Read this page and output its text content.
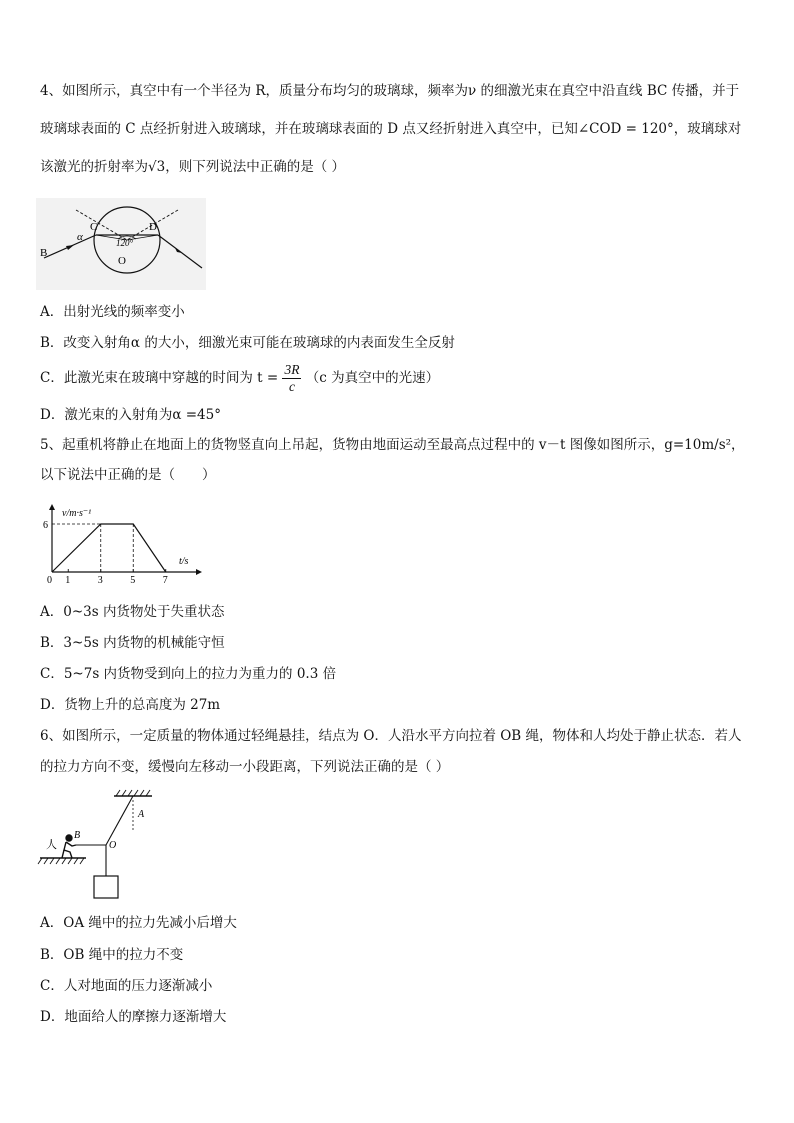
4、如图所示，真空中有一个半径为 R，质量分布均匀的玻璃球，频率为ν 的细激光束在真空中沿直线 BC 传播，并于
玻璃球表面的 C 点经折射进入玻璃球，并在玻璃球表面的 D 点又经折射进入真空中，已知∠COD = 120°，玻璃球对
该激光的折射率为√3，则下列说法中正确的是（ ）
B
C	D
O
α	120°
A．出射光线的频率变小
B．改变入射角α 的大小，细激光束可能在玻璃球的内表面发生全反射
C．此激光束在玻璃中穿越的时间为 $t = \frac{3R}{c} (c$ 为真空中的光速）
D．激光束的入射角为α =45°
5、起重机将静止在地面上的货物竖直向上吊起，货物由地面运动至最高点过程中的 v－t 图像如图所示，g=10m/s²，
以下说法中正确的是（　　）
0 1	3	5	7
6
v/m·s⁻¹
t/s
A．0~3s 内货物处于失重状态
B．3~5s 内货物的机械能守恒
C．5~7s 内货物受到向上的拉力为重力的 0.3 倍
D．货物上升的总高度为 27m
6、如图所示，一定质量的物体通过轻绳悬挂，结点为 O．人沿水平方向拉着 OB 绳，物体和人均处于静止状态．若人
的拉力方向不变，缓慢向左移动一小段距离，下列说法正确的是（ ）
人
B
O
A
A．OA 绳中的拉力先减小后增大
B．OB 绳中的拉力不变
C．人对地面的压力逐渐减小
D．地面给人的摩擦力逐渐增大
